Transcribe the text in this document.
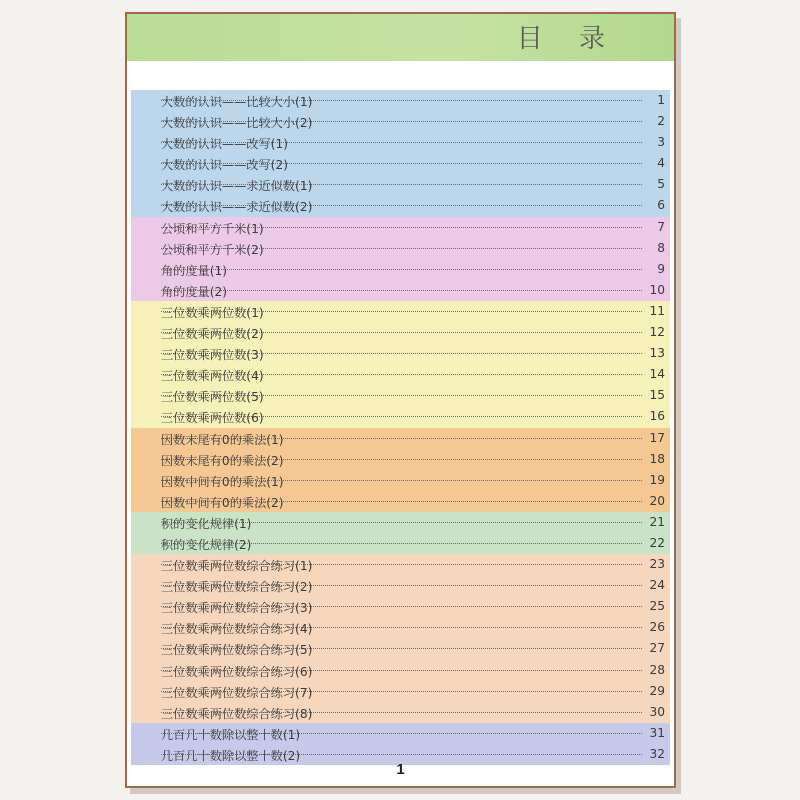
目 录
大数的认识——比较大小(1)	1
大数的认识——比较大小(2)	2
大数的认识——改写(1)	3
大数的认识——改写(2)	4
大数的认识——求近似数(1)	5
大数的认识——求近似数(2)	6
公顷和平方千米(1)	7
公顷和平方千米(2)	8
角的度量(1)	9
角的度量(2)	10
三位数乘两位数(1)	11
三位数乘两位数(2)	12
三位数乘两位数(3)	13
三位数乘两位数(4)	14
三位数乘两位数(5)	15
三位数乘两位数(6)	16
因数末尾有0的乘法(1)	17
因数末尾有0的乘法(2)	18
因数中间有0的乘法(1)	19
因数中间有0的乘法(2)	20
积的变化规律(1)	21
积的变化规律(2)	22
三位数乘两位数综合练习(1)	23
三位数乘两位数综合练习(2)	24
三位数乘两位数综合练习(3)	25
三位数乘两位数综合练习(4)	26
三位数乘两位数综合练习(5)	27
三位数乘两位数综合练习(6)	28
三位数乘两位数综合练习(7)	29
三位数乘两位数综合练习(8)	30
几百几十数除以整十数(1)	31
几百几十数除以整十数(2)	32
1
